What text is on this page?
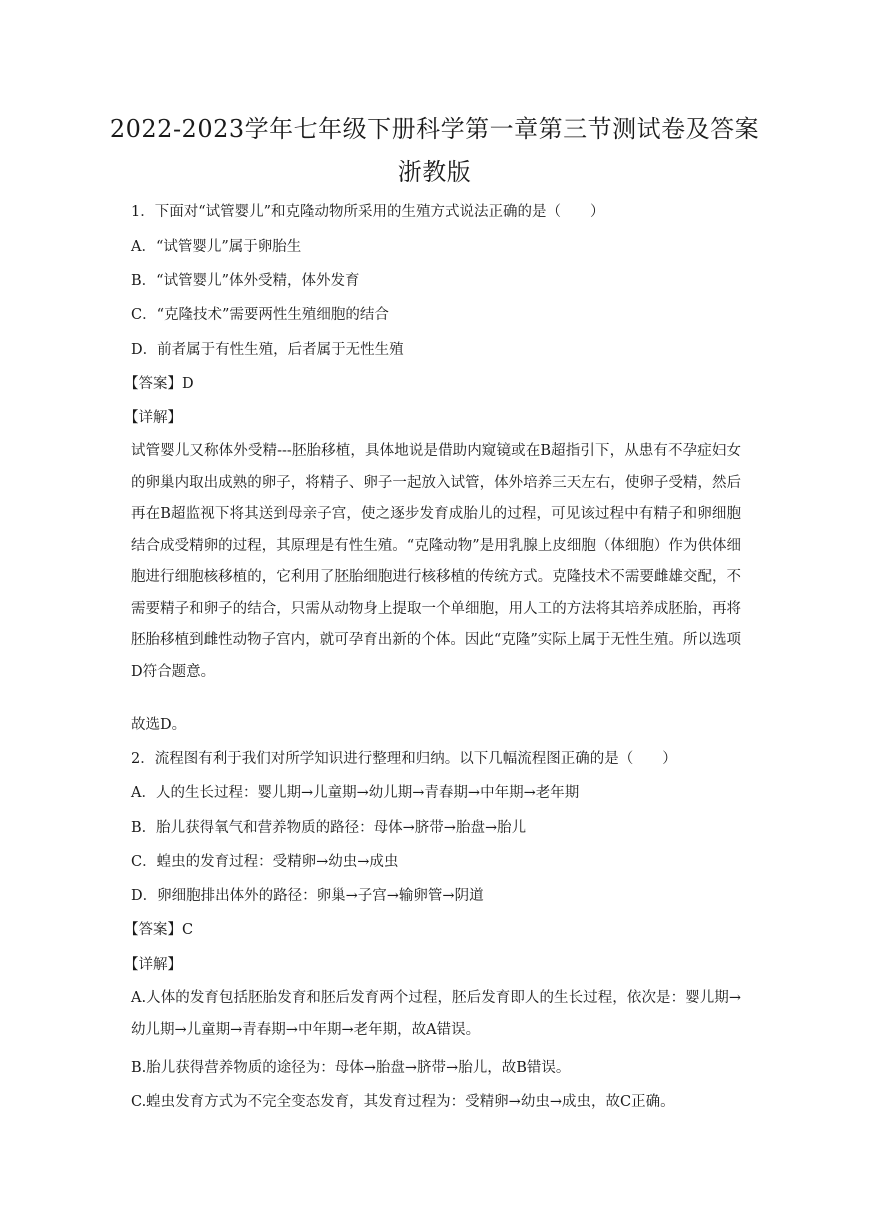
2022-2023学年七年级下册科学第一章第三节测试卷及答案
浙教版
1．下面对“试管婴儿”和克隆动物所采用的生殖方式说法正确的是（　　）
A．“试管婴儿”属于卵胎生
B．“试管婴儿”体外受精，体外发育
C．“克隆技术”需要两性生殖细胞的结合
D．前者属于有性生殖，后者属于无性生殖
【答案】D
【详解】
试管婴儿又称体外受精---胚胎移植，具体地说是借助内窥镜或在B超指引下，从患有不孕症妇女的卵巢内取出成熟的卵子，将精子、卵子一起放入试管，体外培养三天左右，使卵子受精，然后再在B超监视下将其送到母亲子宫，使之逐步发育成胎儿的过程，可见该过程中有精子和卵细胞结合成受精卵的过程，其原理是有性生殖。“克隆动物”是用乳腺上皮细胞（体细胞）作为供体细胞进行细胞核移植的，它利用了胚胎细胞进行核移植的传统方式。克隆技术不需要雌雄交配，不需要精子和卵子的结合，只需从动物身上提取一个单细胞，用人工的方法将其培养成胚胎，再将胚胎移植到雌性动物子宫内，就可孕育出新的个体。因此“克隆”实际上属于无性生殖。所以选项D符合题意。
故选D。
2．流程图有利于我们对所学知识进行整理和归纳。以下几幅流程图正确的是（　　）
A．人的生长过程：婴儿期→儿童期→幼儿期→青春期→中年期→老年期
B．胎儿获得氧气和营养物质的路径：母体→脐带→胎盘→胎儿
C．蝗虫的发育过程：受精卵→幼虫→成虫
D．卵细胞排出体外的路径：卵巢→子宫→输卵管→阴道
【答案】C
【详解】
A.人体的发育包括胚胎发育和胚后发育两个过程，胚后发育即人的生长过程，依次是：婴儿期→幼儿期→儿童期→青春期→中年期→老年期，故A错误。
B.胎儿获得营养物质的途径为：母体→胎盘→脐带→胎儿，故B错误。
C.蝗虫发育方式为不完全变态发育，其发育过程为：受精卵→幼虫→成虫，故C正确。
